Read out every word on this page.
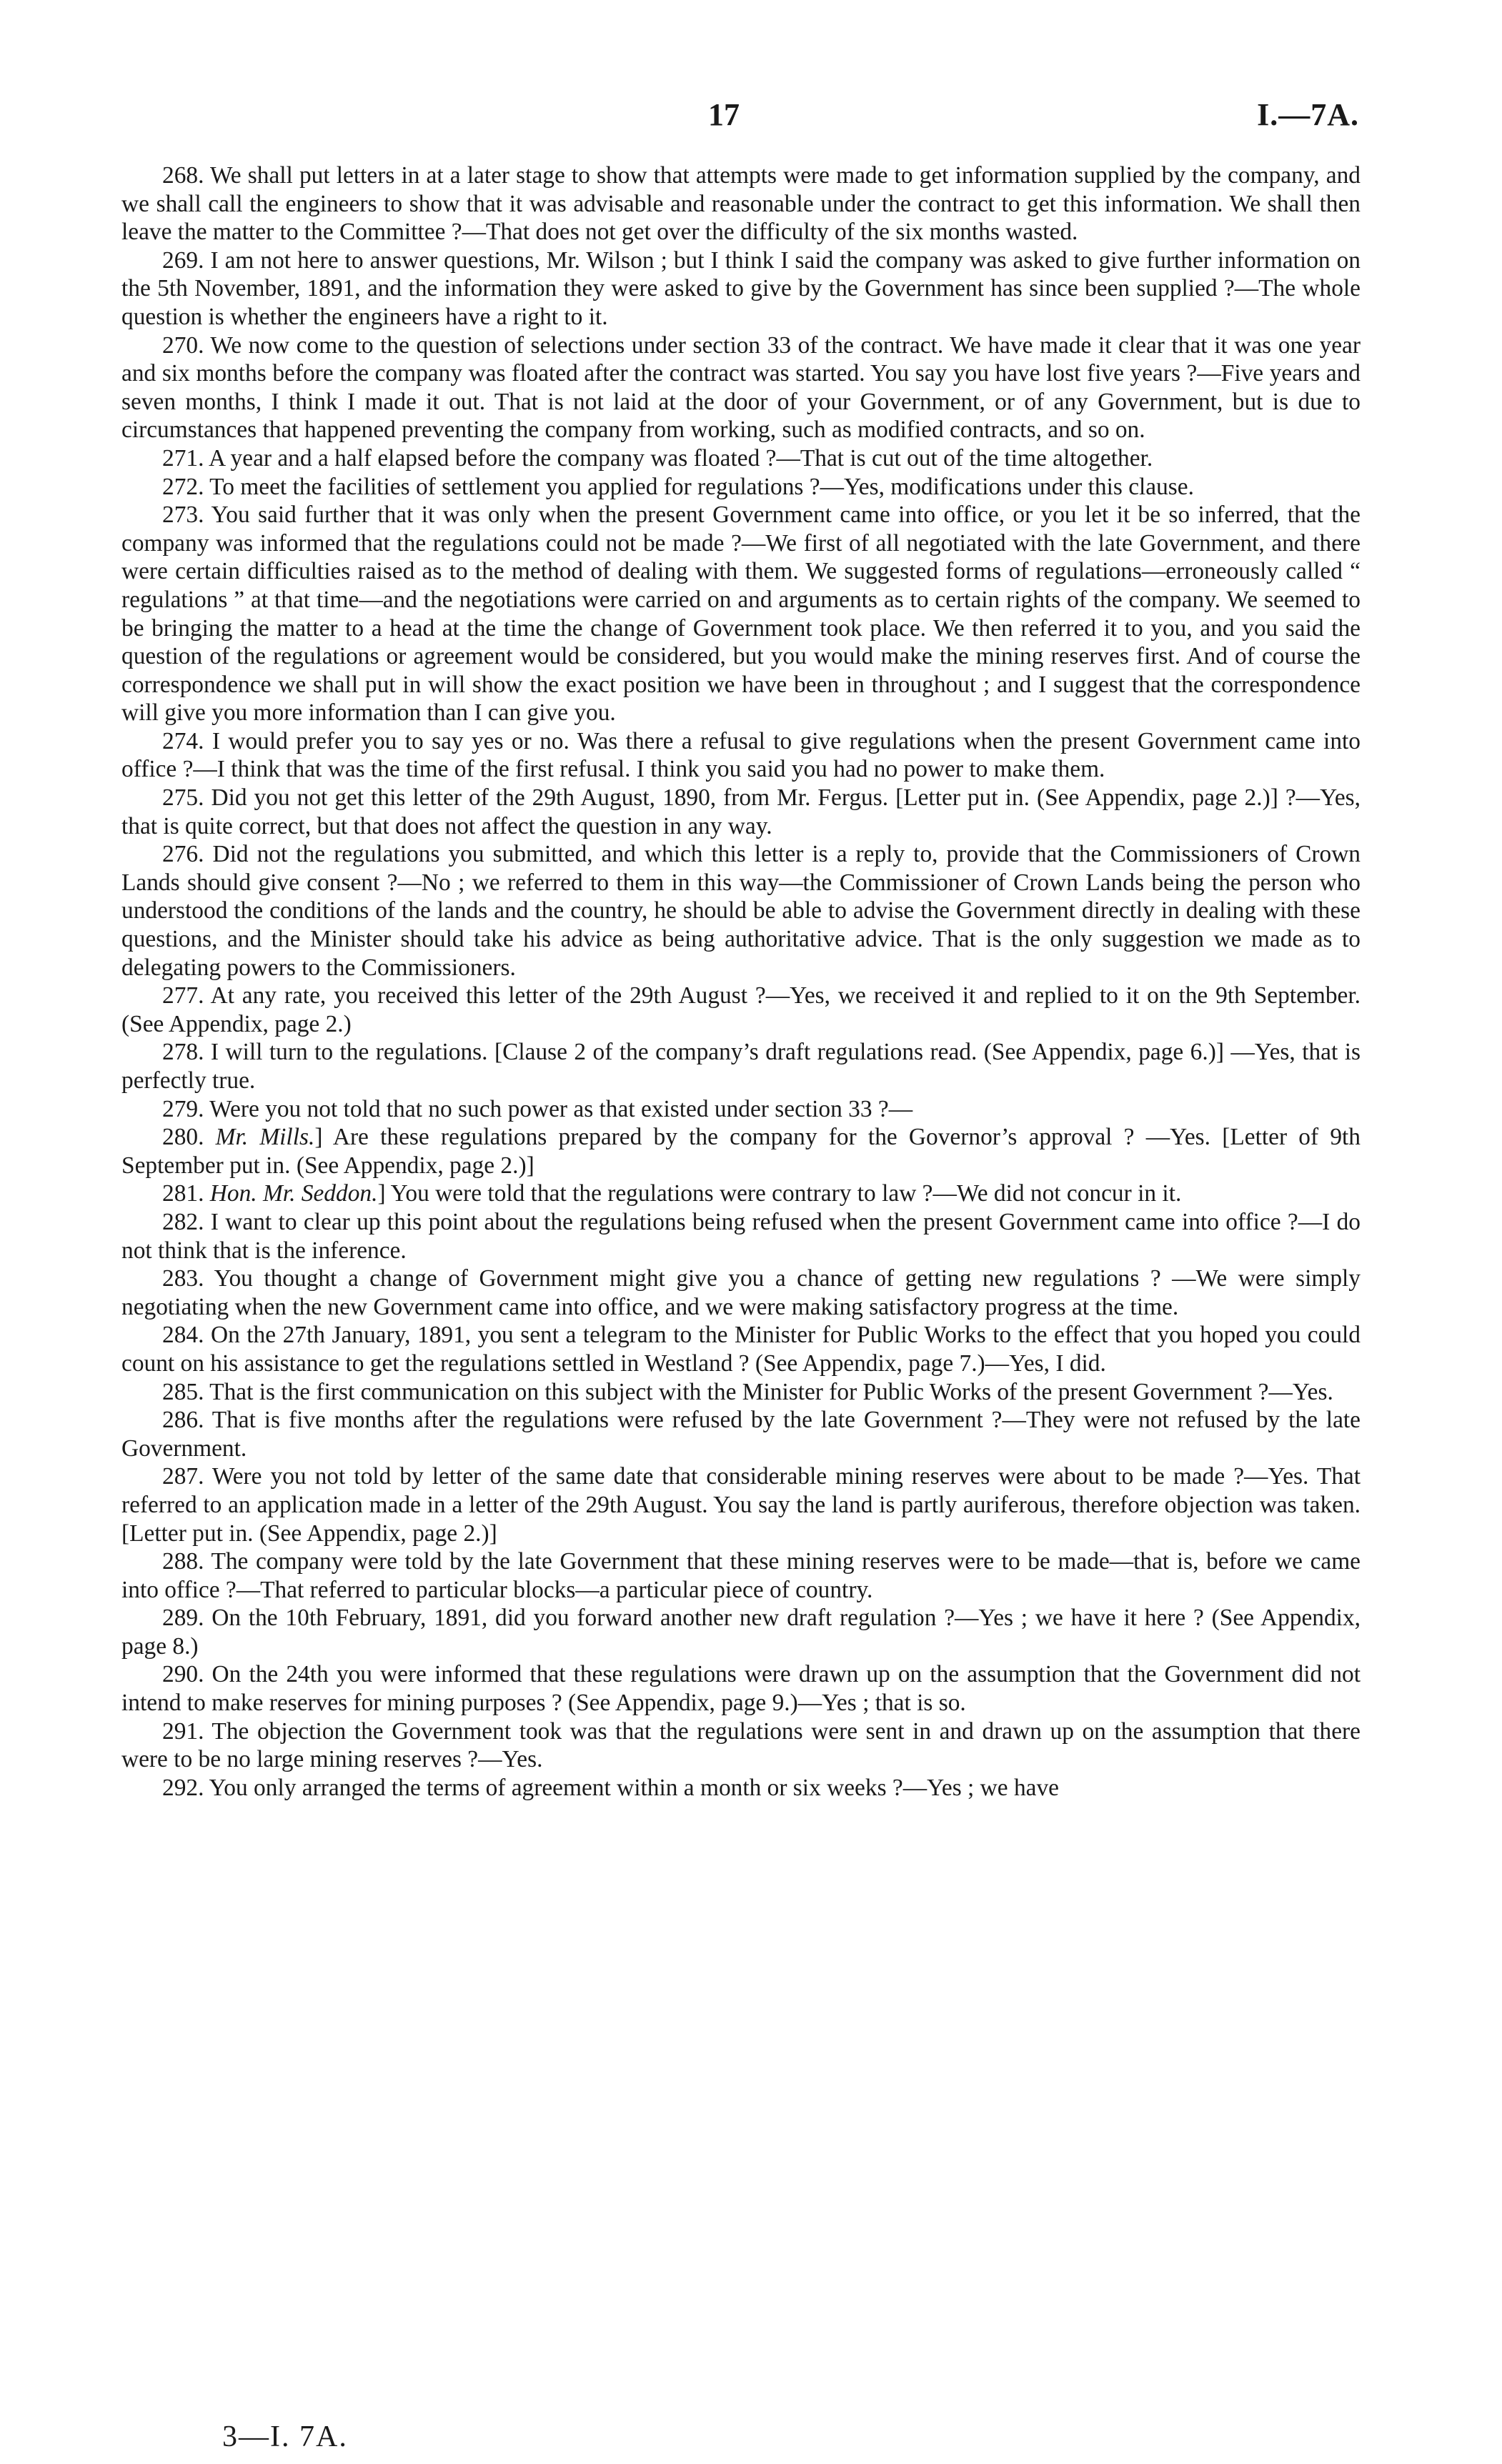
17	I.—7A.

268. We shall put letters in at a later stage to show that attempts were made to get information supplied by the company, and we shall call the engineers to show that it was advisable and reasonable under the contract to get this information. We shall then leave the matter to the Committee ?—That does not get over the difficulty of the six months wasted.

269. I am not here to answer questions, Mr. Wilson ; but I think I said the company was asked to give further information on the 5th November, 1891, and the information they were asked to give by the Government has since been supplied ?—The whole question is whether the engineers have a right to it.

270. We now come to the question of selections under section 33 of the contract. We have made it clear that it was one year and six months before the company was floated after the contract was started. You say you have lost five years ?—Five years and seven months, I think I made it out. That is not laid at the door of your Government, or of any Government, but is due to circumstances that happened preventing the company from working, such as modified contracts, and so on.

271. A year and a half elapsed before the company was floated ?—That is cut out of the time altogether.

272. To meet the facilities of settlement you applied for regulations ?—Yes, modifications under this clause.

273. You said further that it was only when the present Government came into office, or you let it be so inferred, that the company was informed that the regulations could not be made ?—We first of all negotiated with the late Government, and there were certain difficulties raised as to the method of dealing with them. We suggested forms of regulations—erroneously called “ regulations ” at that time—and the negotiations were carried on and arguments as to certain rights of the company. We seemed to be bringing the matter to a head at the time the change of Government took place. We then referred it to you, and you said the question of the regulations or agreement would be considered, but you would make the mining reserves first. And of course the correspondence we shall put in will show the exact position we have been in throughout ; and I suggest that the correspondence will give you more information than I can give you.

274. I would prefer you to say yes or no. Was there a refusal to give regulations when the present Government came into office ?—I think that was the time of the first refusal. I think you said you had no power to make them.

275. Did you not get this letter of the 29th August, 1890, from Mr. Fergus. [Letter put in. (See Appendix, page 2.)] ?—Yes, that is quite correct, but that does not affect the question in any way.

276. Did not the regulations you submitted, and which this letter is a reply to, provide that the Commissioners of Crown Lands should give consent ?—No ; we referred to them in this way—the Commissioner of Crown Lands being the person who understood the conditions of the lands and the country, he should be able to advise the Government directly in dealing with these questions, and the Minister should take his advice as being authoritative advice. That is the only suggestion we made as to delegating powers to the Commissioners.

277. At any rate, you received this letter of the 29th August ?—Yes, we received it and replied to it on the 9th September. (See Appendix, page 2.)

278. I will turn to the regulations. [Clause 2 of the company’s draft regulations read. (See Appendix, page 6.)] —Yes, that is perfectly true.

279. Were you not told that no such power as that existed under section 33 ?—

280. Mr. Mills.] Are these regulations prepared by the company for the Governor’s approval ? —Yes. [Letter of 9th September put in. (See Appendix, page 2.)]

281. Hon. Mr. Seddon.] You were told that the regulations were contrary to law ?—We did not concur in it.

282. I want to clear up this point about the regulations being refused when the present Government came into office ?—I do not think that is the inference.

283. You thought a change of Government might give you a chance of getting new regulations ? —We were simply negotiating when the new Government came into office, and we were making satisfactory progress at the time.

284. On the 27th January, 1891, you sent a telegram to the Minister for Public Works to the effect that you hoped you could count on his assistance to get the regulations settled in Westland ? (See Appendix, page 7.)—Yes, I did.

285. That is the first communication on this subject with the Minister for Public Works of the present Government ?—Yes.

286. That is five months after the regulations were refused by the late Government ?—They were not refused by the late Government.

287. Were you not told by letter of the same date that considerable mining reserves were about to be made ?—Yes. That referred to an application made in a letter of the 29th August. You say the land is partly auriferous, therefore objection was taken. [Letter put in. (See Appendix, page 2.)]

288. The company were told by the late Government that these mining reserves were to be made—that is, before we came into office ?—That referred to particular blocks—a particular piece of country.

289. On the 10th February, 1891, did you forward another new draft regulation ?—Yes ; we have it here ? (See Appendix, page 8.)

290. On the 24th you were informed that these regulations were drawn up on the assumption that the Government did not intend to make reserves for mining purposes ? (See Appendix, page 9.)—Yes ; that is so.

291. The objection the Government took was that the regulations were sent in and drawn up on the assumption that there were to be no large mining reserves ?—Yes.

292. You only arranged the terms of agreement within a month or six weeks ?—Yes ; we have

3—I. 7A.
